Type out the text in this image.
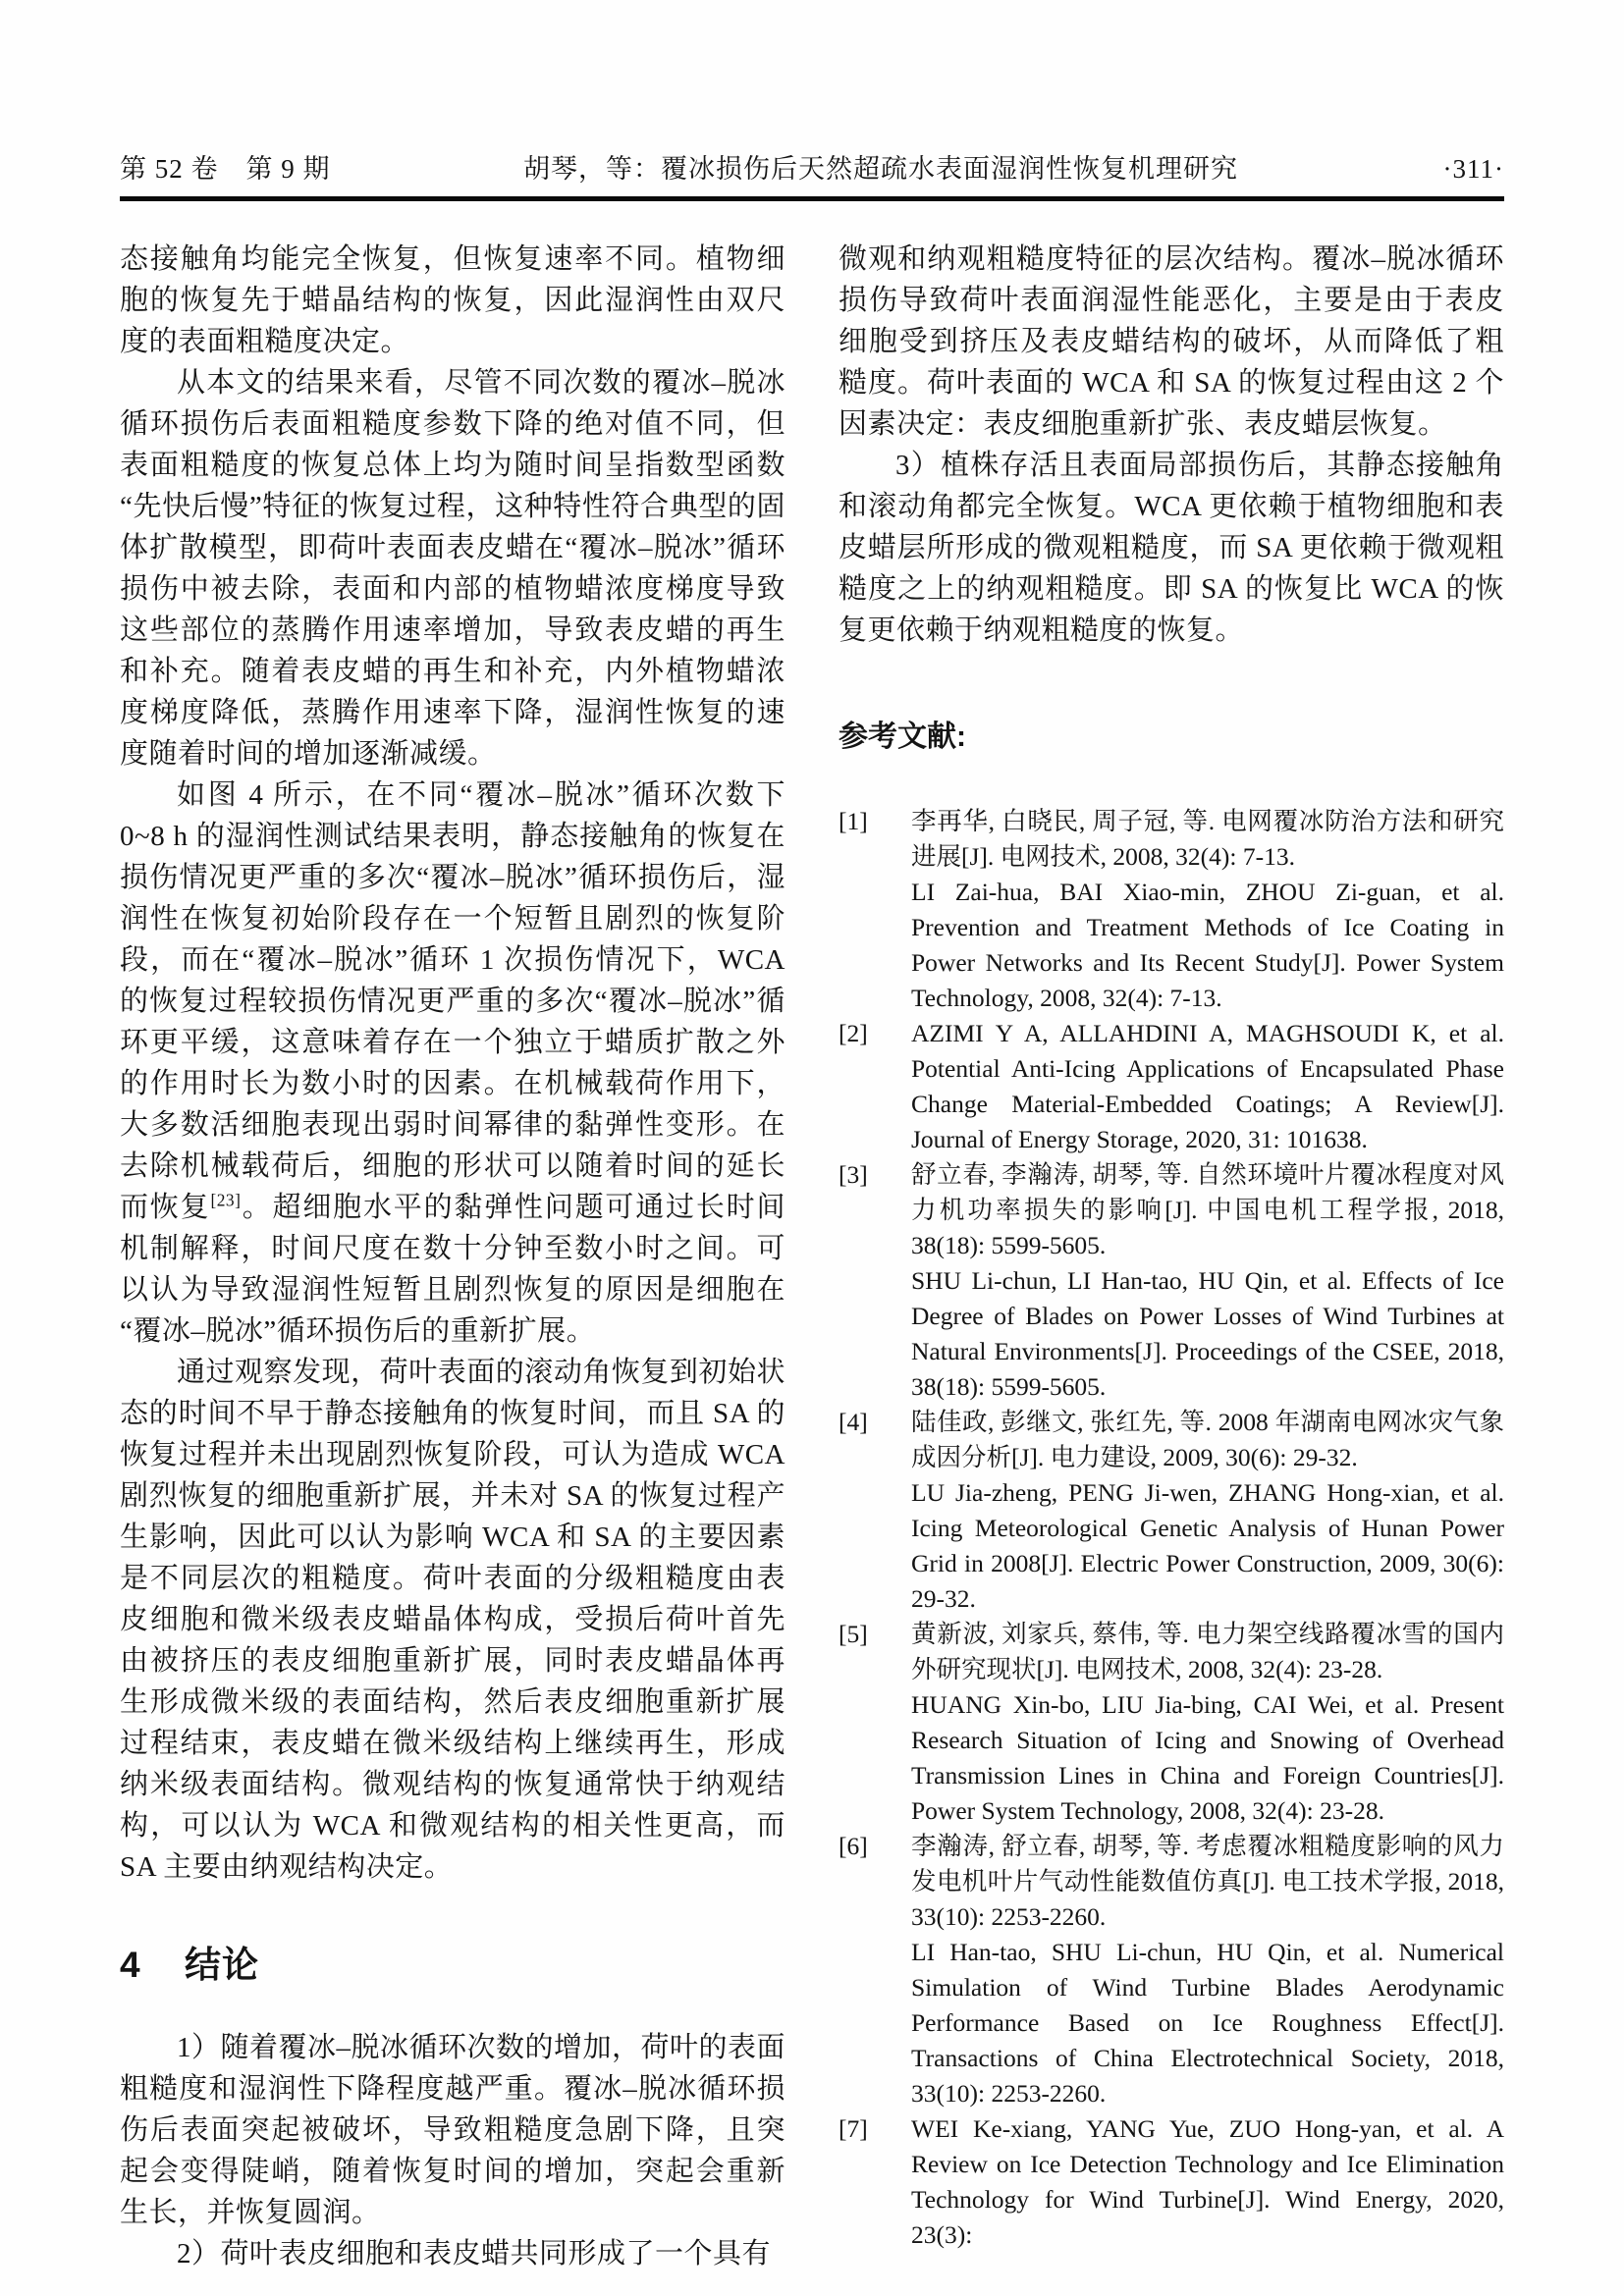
第 52 卷　第 9 期	胡琴，等：覆冰损伤后天然超疏水表面湿润性恢复机理研究	·311·

态接触角均能完全恢复，但恢复速率不同。植物细胞的恢复先于蜡晶结构的恢复，因此湿润性由双尺度的表面粗糙度决定。

从本文的结果来看，尽管不同次数的覆冰–脱冰循环损伤后表面粗糙度参数下降的绝对值不同，但表面粗糙度的恢复总体上均为随时间呈指数型函数“先快后慢”特征的恢复过程，这种特性符合典型的固体扩散模型，即荷叶表面表皮蜡在“覆冰–脱冰”循环损伤中被去除，表面和内部的植物蜡浓度梯度导致这些部位的蒸腾作用速率增加，导致表皮蜡的再生和补充。随着表皮蜡的再生和补充，内外植物蜡浓度梯度降低，蒸腾作用速率下降，湿润性恢复的速度随着时间的增加逐渐减缓。

如图 4 所示，在不同“覆冰–脱冰”循环次数下 0~8 h 的湿润性测试结果表明，静态接触角的恢复在损伤情况更严重的多次“覆冰–脱冰”循环损伤后，湿润性在恢复初始阶段存在一个短暂且剧烈的恢复阶段，而在“覆冰–脱冰”循环 1 次损伤情况下，WCA 的恢复过程较损伤情况更严重的多次“覆冰–脱冰”循环更平缓，这意味着存在一个独立于蜡质扩散之外的作用时长为数小时的因素。在机械载荷作用下，大多数活细胞表现出弱时间幂律的黏弹性变形。在去除机械载荷后，细胞的形状可以随着时间的延长而恢复[23]。超细胞水平的黏弹性问题可通过长时间机制解释，时间尺度在数十分钟至数小时之间。可以认为导致湿润性短暂且剧烈恢复的原因是细胞在“覆冰–脱冰”循环损伤后的重新扩展。

通过观察发现，荷叶表面的滚动角恢复到初始状态的时间不早于静态接触角的恢复时间，而且 SA 的恢复过程并未出现剧烈恢复阶段，可认为造成 WCA 剧烈恢复的细胞重新扩展，并未对 SA 的恢复过程产生影响，因此可以认为影响 WCA 和 SA 的主要因素是不同层次的粗糙度。荷叶表面的分级粗糙度由表皮细胞和微米级表皮蜡晶体构成，受损后荷叶首先由被挤压的表皮细胞重新扩展，同时表皮蜡晶体再生形成微米级的表面结构，然后表皮细胞重新扩展过程结束，表皮蜡在微米级结构上继续再生，形成纳米级表面结构。微观结构的恢复通常快于纳观结构，可以认为 WCA 和微观结构的相关性更高，而 SA 主要由纳观结构决定。

4 结论

1）随着覆冰–脱冰循环次数的增加，荷叶的表面粗糙度和湿润性下降程度越严重。覆冰–脱冰循环损伤后表面突起被破坏，导致粗糙度急剧下降，且突起会变得陡峭，随着恢复时间的增加，突起会重新生长，并恢复圆润。

2）荷叶表皮细胞和表皮蜡共同形成了一个具有

微观和纳观粗糙度特征的层次结构。覆冰–脱冰循环损伤导致荷叶表面润湿性能恶化，主要是由于表皮细胞受到挤压及表皮蜡结构的破坏，从而降低了粗糙度。荷叶表面的 WCA 和 SA 的恢复过程由这 2 个因素决定：表皮细胞重新扩张、表皮蜡层恢复。

3）植株存活且表面局部损伤后，其静态接触角和滚动角都完全恢复。WCA 更依赖于植物细胞和表皮蜡层所形成的微观粗糙度，而 SA 更依赖于微观粗糙度之上的纳观粗糙度。即 SA 的恢复比 WCA 的恢复更依赖于纳观粗糙度的恢复。

参考文献:
[1] 李再华, 白晓民, 周子冠, 等. 电网覆冰防治方法和研究进展[J]. 电网技术, 2008, 32(4): 7-13.

LI Zai-hua, BAI Xiao-min, ZHOU Zi-guan, et al. Prevention and Treatment Methods of Ice Coating in Power Networks and Its Recent Study[J]. Power System Technology, 2008, 32(4): 7-13.

[2] AZIMI Y A, ALLAHDINI A, MAGHSOUDI K, et al. Potential Anti-Icing Applications of Encapsulated Phase Change Material-Embedded Coatings; A Review[J]. Journal of Energy Storage, 2020, 31: 101638.

[3] 舒立春, 李瀚涛, 胡琴, 等. 自然环境叶片覆冰程度对风力机功率损失的影响[J]. 中国电机工程学报, 2018, 38(18): 5599-5605.

SHU Li-chun, LI Han-tao, HU Qin, et al. Effects of Ice Degree of Blades on Power Losses of Wind Turbines at Natural Environments[J]. Proceedings of the CSEE, 2018, 38(18): 5599-5605.

[4] 陆佳政, 彭继文, 张红先, 等. 2008 年湖南电网冰灾气象成因分析[J]. 电力建设, 2009, 30(6): 29-32.

LU Jia-zheng, PENG Ji-wen, ZHANG Hong-xian, et al. Icing Meteorological Genetic Analysis of Hunan Power Grid in 2008[J]. Electric Power Construction, 2009, 30(6): 29-32.

[5] 黄新波, 刘家兵, 蔡伟, 等. 电力架空线路覆冰雪的国内外研究现状[J]. 电网技术, 2008, 32(4): 23-28.

HUANG Xin-bo, LIU Jia-bing, CAI Wei, et al. Present Research Situation of Icing and Snowing of Overhead Transmission Lines in China and Foreign Countries[J]. Power System Technology, 2008, 32(4): 23-28.

[6] 李瀚涛, 舒立春, 胡琴, 等. 考虑覆冰粗糙度影响的风力发电机叶片气动性能数值仿真[J]. 电工技术学报, 2018, 33(10): 2253-2260.

LI Han-tao, SHU Li-chun, HU Qin, et al. Numerical Simulation of Wind Turbine Blades Aerodynamic Performance Based on Ice Roughness Effect[J]. Transactions of China Electrotechnical Society, 2018, 33(10): 2253-2260.

[7] WEI Ke-xiang, YANG Yue, ZUO Hong-yan, et al. A Review on Ice Detection Technology and Ice Elimination Technology for Wind Turbine[J]. Wind Energy, 2020, 23(3):
